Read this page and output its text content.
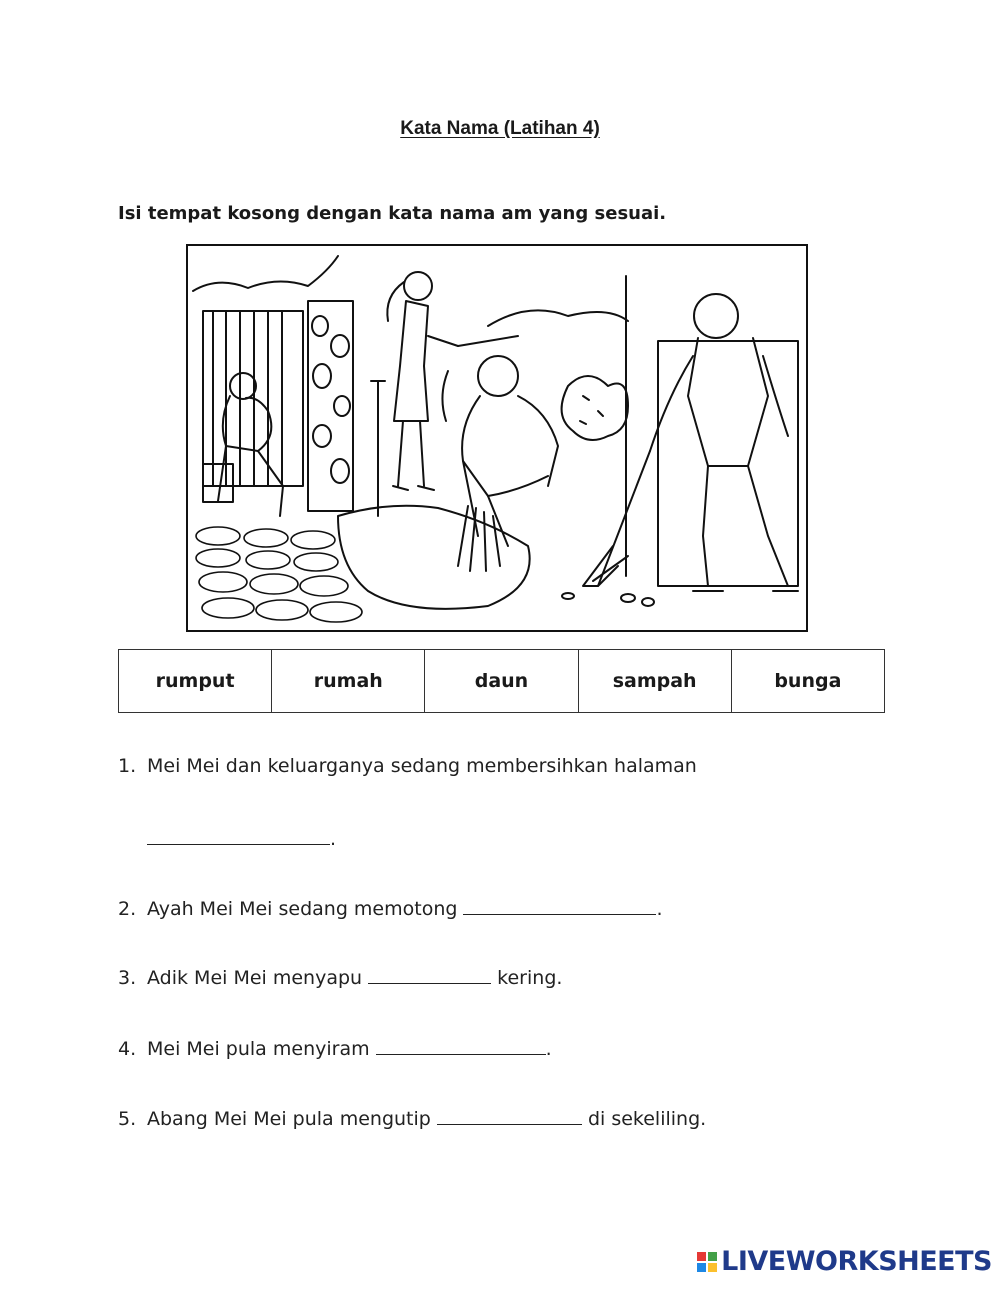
Kata Nama (Latihan 4)
Isi tempat kosong dengan kata nama am yang sesuai.
rumput	rumah	daun	sampah	bunga
1. Mei Mei dan keluarganya sedang membersihkan halaman
.
2. Ayah Mei Mei sedang memotong	.
3. Adik Mei Mei menyapu	kering.
4. Mei Mei pula menyiram	.
5. Abang Mei Mei pula mengutip	di sekeliling.
LIVEWORKSHEETS
